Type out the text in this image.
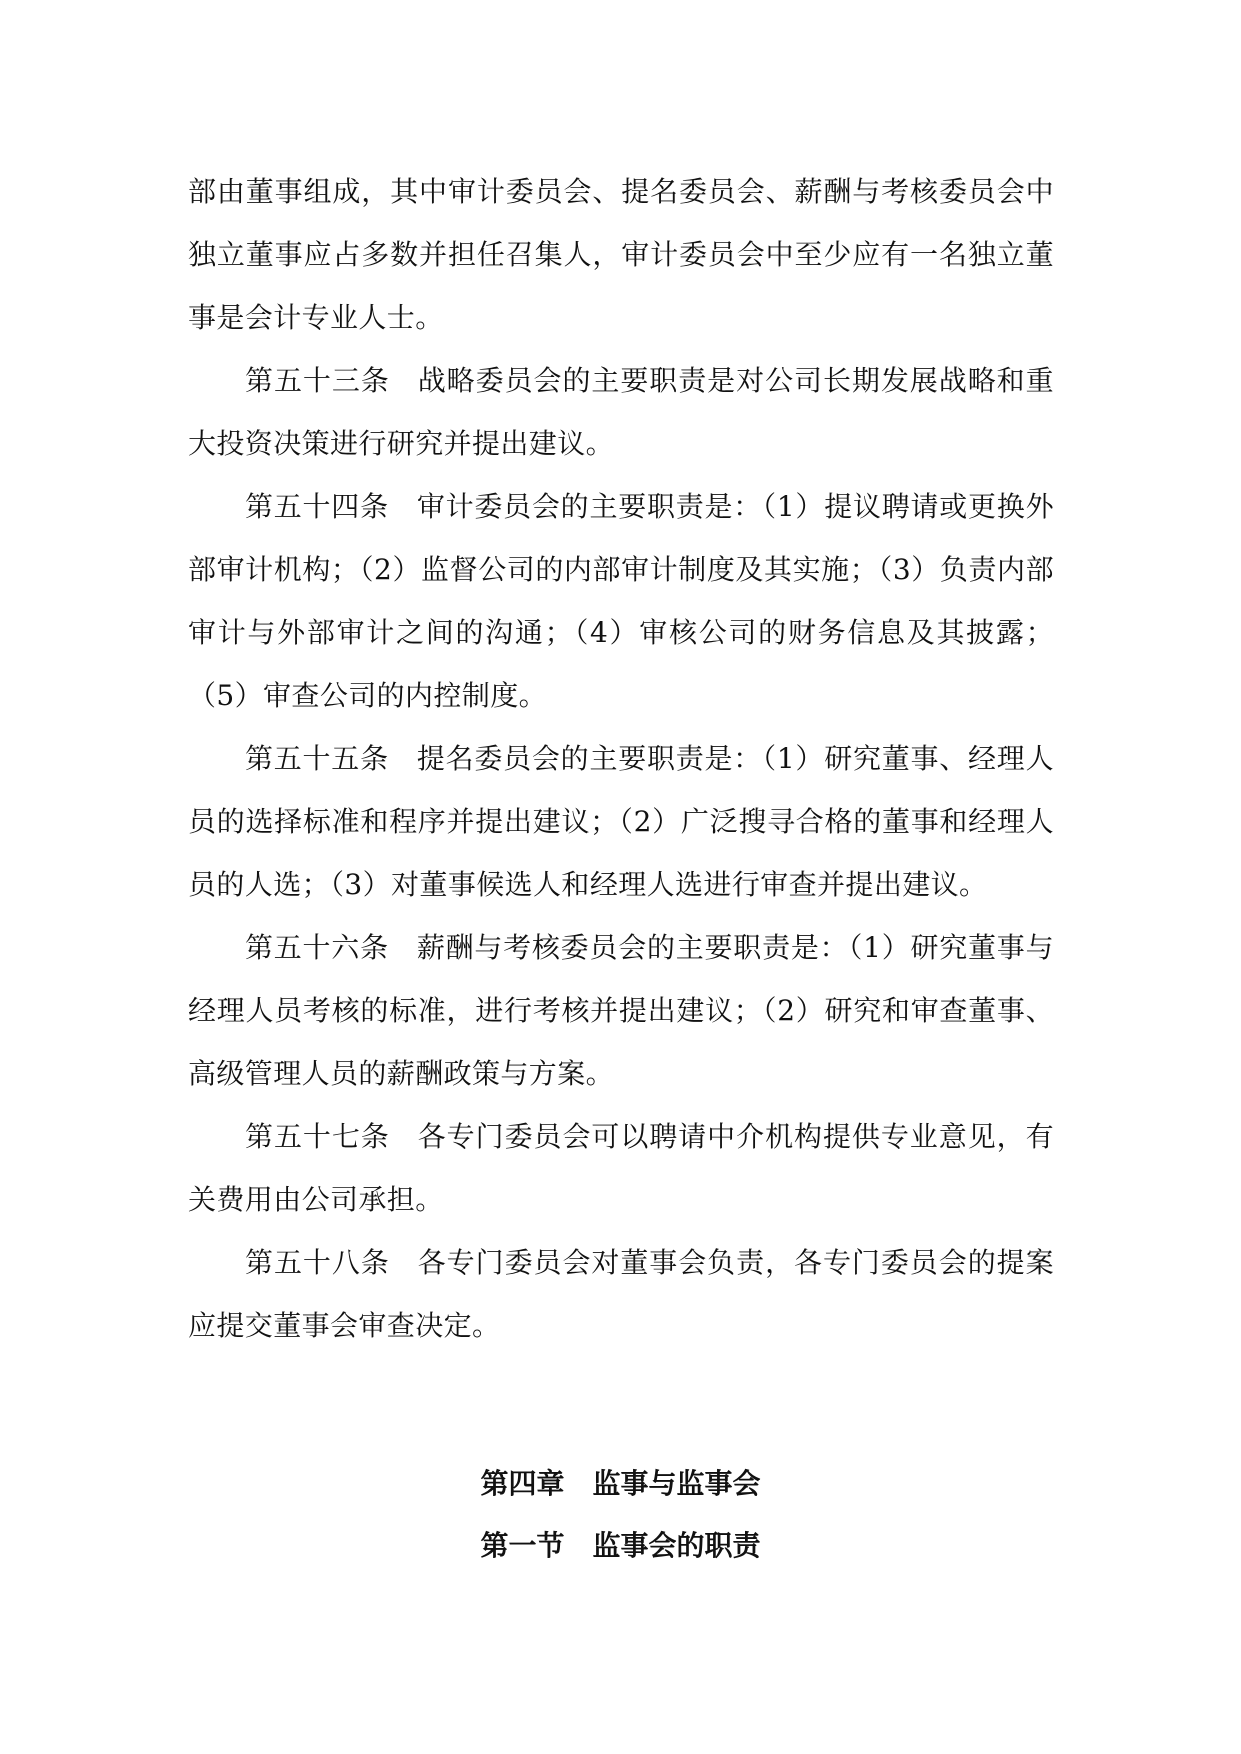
部由董事组成，其中审计委员会、提名委员会、薪酬与考核委员会中独立董事应占多数并担任召集人，审计委员会中至少应有一名独立董事是会计专业人士。

第五十三条 战略委员会的主要职责是对公司长期发展战略和重大投资决策进行研究并提出建议。

第五十四条 审计委员会的主要职责是：（1）提议聘请或更换外部审计机构；（2）监督公司的内部审计制度及其实施；（3）负责内部审计与外部审计之间的沟通；（4）审核公司的财务信息及其披露；（5）审查公司的内控制度。

第五十五条 提名委员会的主要职责是：（1）研究董事、经理人员的选择标准和程序并提出建议；（2）广泛搜寻合格的董事和经理人员的人选；（3）对董事候选人和经理人选进行审查并提出建议。

第五十六条 薪酬与考核委员会的主要职责是：（1）研究董事与经理人员考核的标准，进行考核并提出建议；（2）研究和审查董事、高级管理人员的薪酬政策与方案。

第五十七条 各专门委员会可以聘请中介机构提供专业意见，有关费用由公司承担。

第五十八条 各专门委员会对董事会负责，各专门委员会的提案应提交董事会审查决定。

第四章 监事与监事会
第一节 监事会的职责
